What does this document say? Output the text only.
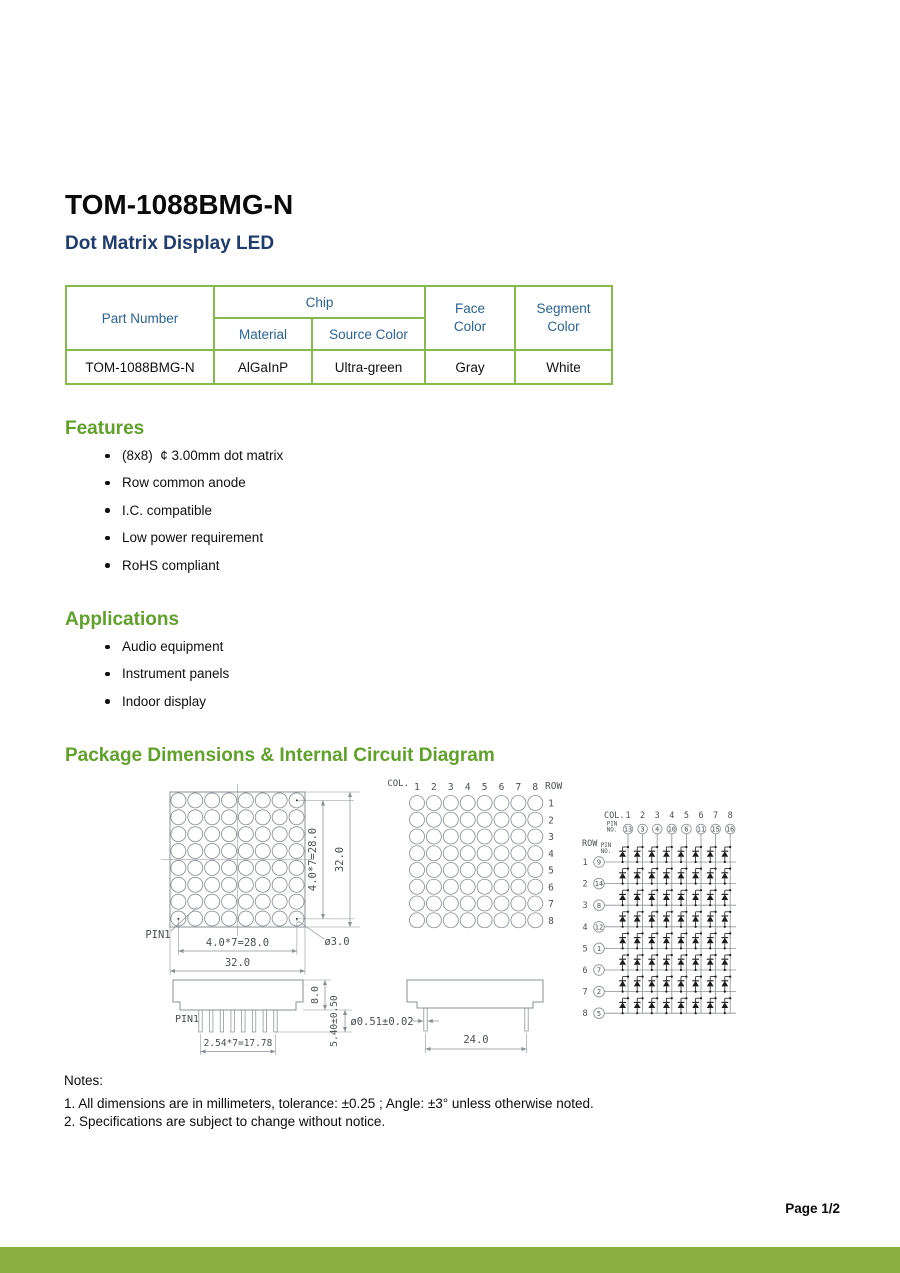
TOM-1088BMG-N
Dot Matrix Display LED
Part Number	Chip		Face Color	Segment Color
	Material	Source Color		
TOM-1088BMG-N	AlGaInP	Ultra-green	Gray	White
Features
(8x8)  ¢ 3.00mm dot matrix
Row common anode
I.C. compatible
Low power requirement
RoHS compliant
Applications
Audio equipment
Instrument panels
Indoor display
Package Dimensions & Internal Circuit Diagram
4.0*7=28.0 32.0
4.0*7=28.0
32.0
PIN1
ø3.0
COL. 1 2 3 4 5 6 7 8 ROW
1
2
3
4
5
6
7
8
COL. 1 2 3 4 5 6 7 8
PIN
NO. 13 3 4 10 6 11 15 16
ROW PIN
NO.
1 9
2 14
3 8
4 12
5 1
6 7
7 2
8 5
PIN1
8.0
5.40±0.50
2.54*7=17.78
ø0.51±0.02
24.0
Notes:
1. All dimensions are in millimeters, tolerance: ±0.25 ; Angle: ±3° unless otherwise noted.
2. Specifications are subject to change without notice.
Page 1/2
